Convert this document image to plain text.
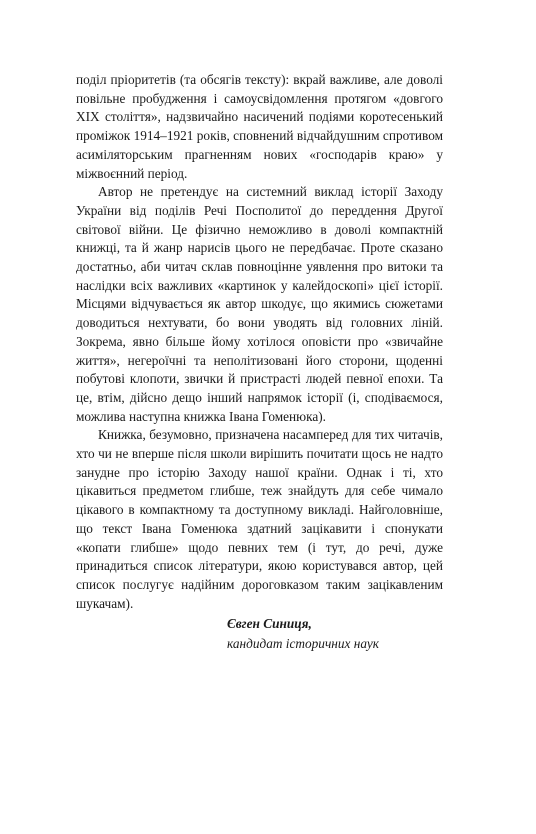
поділ пріоритетів (та обсягів тексту): вкрай важливе, але доволі повільне пробудження і самоусвідомлення протягом «довгого XIX століття», надзвичайно насичений подіями коротесенький проміжок 1914–1921 років, сповнений відчайдушним спротивом асиміляторським прагненням нових «господарів краю» у міжвоєнний період.

Автор не претендує на системний виклад історії Заходу України від поділів Речі Посполитої до переддення Другої світової війни. Це фізично неможливо в доволі компактній книжці, та й жанр нарисів цього не передбачає. Проте сказано достатньо, аби читач склав повноцінне уявлення про витоки та наслідки всіх важливих «картинок у калейдоскопі» цієї історії. Місцями відчувається як автор шкодує, що якимись сюжетами доводиться нехтувати, бо вони уводять від головних ліній. Зокрема, явно більше йому хотілося оповісти про «звичайне життя», негероїчні та неполітизовані його сторони, щоденні побутові клопоти, звички й пристрасті людей певної епохи. Та це, втім, дійсно дещо інший напрямок історії (і, сподіваємося, можлива наступна книжка Івана Гоменюка).

Книжка, безумовно, призначена насамперед для тих читачів, хто чи не вперше після школи вирішить почитати щось не надто занудне про історію Заходу нашої країни. Однак і ті, хто цікавиться предметом глибше, теж знайдуть для себе чимало цікавого в компактному та доступному викладі. Найголовніше, що текст Івана Гоменюка здатний зацікавити і спонукати «копати глибше» щодо певних тем (і тут, до речі, дуже принадиться список літератури, якою користувався автор, цей список послугує надійним дороговказом таким зацікавленим шукачам).

Євген Синиця,
кандидат історичних наук
